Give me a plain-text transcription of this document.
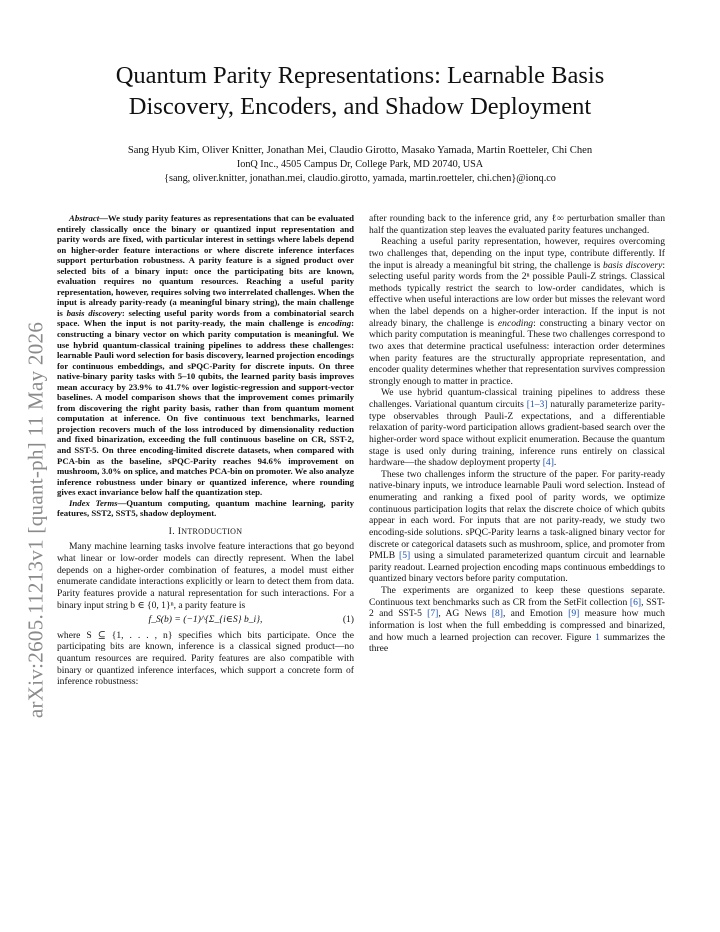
arXiv:2605.11213v1 [quant-ph] 11 May 2026
Quantum Parity Representations: Learnable Basis
Discovery, Encoders, and Shadow Deployment
Sang Hyub Kim, Oliver Knitter, Jonathan Mei, Claudio Girotto, Masako Yamada, Martin Roetteler, Chi Chen
IonQ Inc., 4505 Campus Dr, College Park, MD 20740, USA
{sang, oliver.knitter, jonathan.mei, claudio.girotto, yamada, martin.roetteler, chi.chen}@ionq.co

Abstract—We study parity features as representations that can be evaluated entirely classically once the binary or quantized input representation and parity words are fixed, with particular interest in settings where labels depend on higher-order feature interactions or where discrete inference interfaces support perturbation robustness. A parity feature is a signed product over selected bits of a binary input: once the participating bits are known, evaluation requires no quantum resources. Reaching a useful parity representation, however, requires solving two interrelated challenges. When the input is already parity-ready (a meaningful binary string), the main challenge is basis discovery: selecting useful parity words from a combinatorial search space. When the input is not parity-ready, the main challenge is encoding: constructing a binary vector on which parity computation is meaningful. We use hybrid quantum-classical training pipelines to address these challenges: learnable Pauli word selection for basis discovery, learned projection encodings for continuous embeddings, and sPQC-Parity for discrete inputs. On three native-binary parity tasks with 5–10 qubits, the learned parity basis improves mean accuracy by 23.9% to 41.7% over logistic-regression and support-vector baselines. A model comparison shows that the improvement comes primarily from discovering the right parity basis, rather than from quantum moment computation at inference. On five continuous text benchmarks, learned projection recovers much of the loss introduced by dimensionality reduction and fixed binarization, exceeding the full continuous baseline on CR, SST-2, and SST-5. On three encoding-limited discrete datasets, when compared with PCA-bin as the baseline, sPQC-Parity reaches 94.6% improvement on mushroom, 3.0% on splice, and matches PCA-bin on promoter. We also analyze inference robustness under binary or quantized inference, where rounding gives exact invariance below half the quantization step.

Index Terms—Quantum computing, quantum machine learning, parity features, SST2, SST5, shadow deployment.

I. INTRODUCTION

Many machine learning tasks involve feature interactions that go beyond what linear or low-order models can directly represent. When the label depends on a higher-order combination of features, a model must either enumerate candidate interactions explicitly or learn to detect them from data. Parity features provide a natural representation for such interactions. For a binary input string b ∈ {0, 1}ⁿ, a parity feature is

f_S(b) = (−1)^{Σ_{i∈S} b_i},	(1)

where S ⊆ {1, . . . , n} specifies which bits participate. Once the participating bits are known, inference is a classical signed product—no quantum resources are required. Parity features are also compatible with binary or quantized inference interfaces, which support a concrete form of inference robustness:

after rounding back to the inference grid, any ℓ∞ perturbation smaller than half the quantization step leaves the evaluated parity features unchanged.

Reaching a useful parity representation, however, requires overcoming two challenges that, depending on the input type, contribute differently. If the input is already a meaningful bit string, the challenge is basis discovery: selecting useful parity words from the 2ⁿ possible Pauli-Z strings. Classical methods typically restrict the search to low-order candidates, which is effective when useful interactions are low order but misses the relevant word when the label depends on a higher-order interaction. If the input is not already binary, the challenge is encoding: constructing a binary vector on which parity computation is meaningful. These two challenges correspond to two axes that determine practical usefulness: interaction order determines when parity features are the structurally appropriate representation, and encoder quality determines whether that representation survives compression strongly enough to matter in practice.

We use hybrid quantum-classical training pipelines to address these challenges. Variational quantum circuits [1–3] naturally parameterize parity-type observables through Pauli-Z expectations, and a differentiable relaxation of parity-word participation allows gradient-based search over the higher-order word space without explicit enumeration. Because the quantum stage is used only during training, inference runs entirely on classical hardware—the shadow deployment property [4].

These two challenges inform the structure of the paper. For parity-ready native-binary inputs, we introduce learnable Pauli word selection. Instead of enumerating and ranking a fixed pool of parity words, we optimize continuous participation logits that relax the discrete choice of which qubits appear in each word. For inputs that are not parity-ready, we study two encoding-side solutions. sPQC-Parity learns a task-aligned binary vector for discrete or categorical datasets such as mushroom, splice, and promoter from PMLB [5] using a simulated parameterized quantum circuit and learnable parity readout. Learned projection encoding maps continuous embeddings to quantized binary vectors before parity computation.

The experiments are organized to keep these questions separate. Continuous text benchmarks such as CR from the SetFit collection [6], SST-2 and SST-5 [7], AG News [8], and Emotion [9] measure how much information is lost when the full embedding is compressed and binarized, and how much a learned projection can recover. Figure 1 summarizes the three
